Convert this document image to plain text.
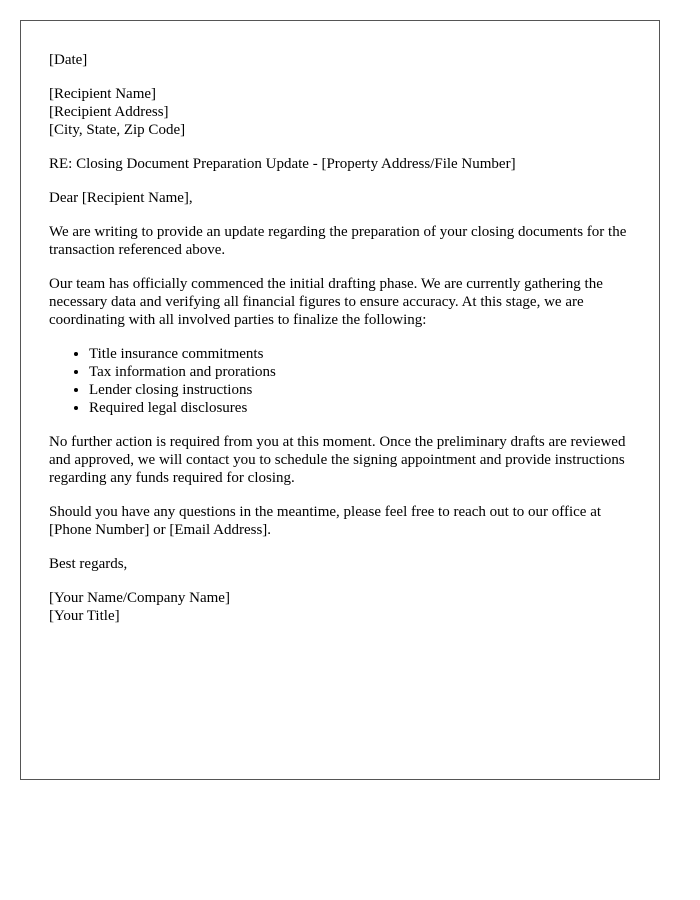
[Date]

[Recipient Name]
[Recipient Address]
[City, State, Zip Code]

RE: Closing Document Preparation Update - [Property Address/File Number]

Dear [Recipient Name],

We are writing to provide an update regarding the preparation of your closing documents for the transaction referenced above.

Our team has officially commenced the initial drafting phase. We are currently gathering the necessary data and verifying all financial figures to ensure accuracy. At this stage, we are coordinating with all involved parties to finalize the following:

• Title insurance commitments
• Tax information and prorations
• Lender closing instructions
• Required legal disclosures

No further action is required from you at this moment. Once the preliminary drafts are reviewed and approved, we will contact you to schedule the signing appointment and provide instructions regarding any funds required for closing.

Should you have any questions in the meantime, please feel free to reach out to our office at [Phone Number] or [Email Address].

Best regards,

[Your Name/Company Name]
[Your Title]
